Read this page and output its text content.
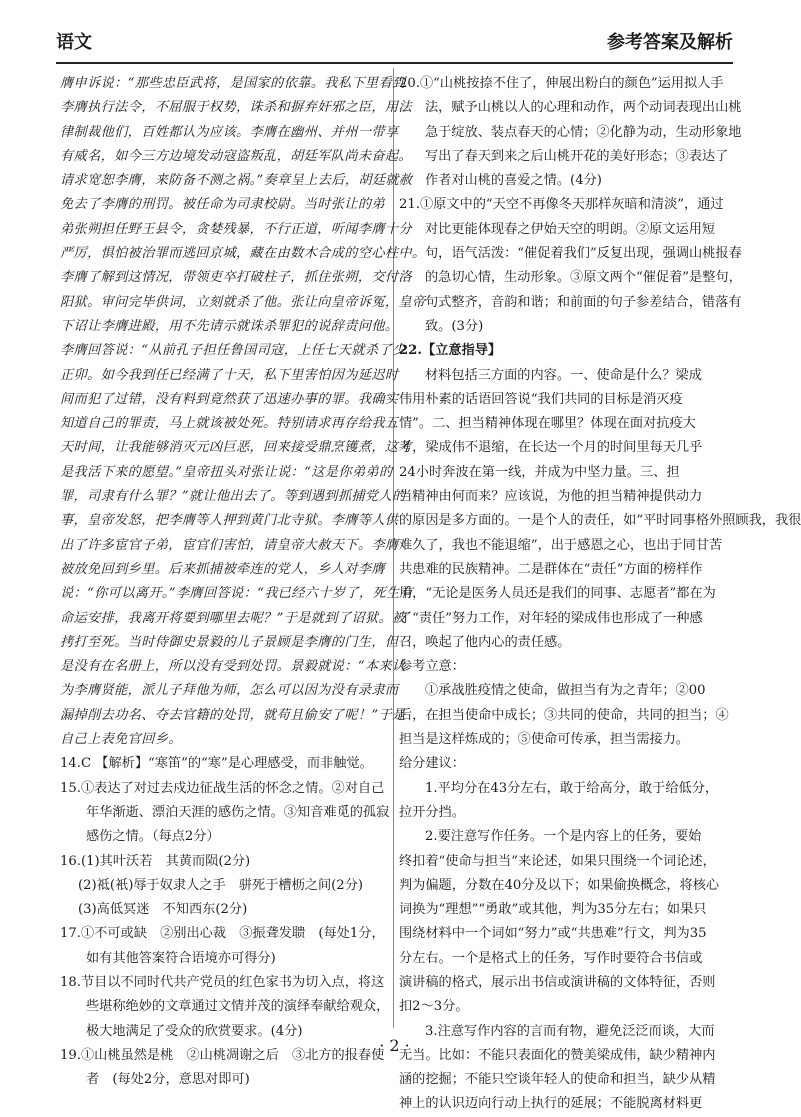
语文	参考答案及解析
膺申诉说：“那些忠臣武将，是国家的依靠。我私下里看到
李膺执行法令，不屈服于权势，诛杀和摒弃奸邪之臣，用法
律制裁他们，百姓都认为应该。李膺在幽州、并州一带享
有威名，如今三方边境发动寇盗叛乱，胡廷军队尚未奋起。
请求宽恕李膺，来防备不测之祸。”奏章呈上去后，胡廷就赦
免去了李膺的刑罚。被任命为司隶校尉。当时张让的弟
弟张朔担任野王县令，贪婪残暴，不行正道，听闻李膺十分
严厉，惧怕被治罪而逃回京城，藏在由数木合成的空心柱中。
李膺了解到这情况，带领吏卒打破柱子，抓住张朔，交付洛
阳狱。审问完毕供词，立刻就杀了他。张让向皇帝诉冤，皇帝
下诏让李膺进殿，用不先请示就诛杀罪犯的说辞责问他。
李膺回答说：“从前孔子担任鲁国司寇，上任七天就杀了少
正卯。如今我到任已经满了十天，私下里害怕因为延迟时
间而犯了过错，没有料到竟然获了迅速办事的罪。我确实
知道自己的罪责，马上就该被处死。特别请求再存给我五
天时间，让我能够消灭元凶巨恶，回来接受鼎烹镬煮，这才
是我活下来的愿望。”皇帝扭头对张让说：“这是你弟弟的
罪，司隶有什么罪？”就让他出去了。等到遇到抓捕党人的
事，皇帝发怒，把李膺等人押到黄门北寺狱。李膺等人供
出了许多宦官子弟，宦官们害怕，请皇帝大赦天下。李膺
被放免回到乡里。后来抓捕被牵连的党人，乡人对李膺
说：“你可以离开。”李膺回答说：“我已经六十岁了，死生有
命运安排，我离开将要到哪里去呢？”于是就到了诏狱。被
拷打至死。当时侍御史景毅的儿子景顾是李膺的门生，但
是没有在名册上，所以没有受到处罚。景毅就说：“本来认
为李膺贤能，派儿子拜他为师，怎么可以因为没有录隶而
漏掉削去功名、夺去官籍的处罚，就苟且偷安了呢！”于是
自己上表免官回乡。
14.C 【解析】“寒笛”的“寒”是心理感受，而非触觉。
15.①表达了对过去戍边征战生活的怀念之情。②对自己
年华渐逝、漂泊天涯的感伤之情。③知音难觅的孤寂
感伤之情。（每点2分）
16.(1)其叶沃若　其黄而陨(2分)
(2)祗(衹)辱于奴隶人之手　骈死于槽枥之间(2分)
(3)高低冥迷　不知西东(2分)
17.①不可或缺　②别出心裁　③振聋发聩　(每处1分，
如有其他答案符合语境亦可得分)
18.节目以不同时代共产党员的红色家书为切入点，将这
些堪称绝妙的文章通过文情并茂的演绎奉献给观众，
极大地满足了受众的欣赏要求。(4分)
19.①山桃虽然是桃　②山桃凋谢之后　③北方的报春使
者　(每处2分，意思对即可)
20.①“山桃按捺不住了，伸展出粉白的颜色”运用拟人手
法，赋予山桃以人的心理和动作，两个动词表现出山桃
急于绽放、装点春天的心情；②化静为动，生动形象地
写出了春天到来之后山桃开花的美好形态；③表达了
作者对山桃的喜爱之情。(4分)
21.①原文中的“天空不再像冬天那样灰暗和清淡”，通过
对比更能体现春之伊始天空的明朗。②原文运用短
句，语气活泼：“催促着我们”反复出现，强调山桃报春
的急切心情，生动形象。③原文两个“催促着”是整句，
句式整齐，音韵和谐；和前面的句子参差结合，错落有
致。(3分)
22.【立意指导】
材料包括三方面的内容。一、使命是什么？梁成
伟用朴素的话语回答说“我们共同的目标是消灭疫
情”。二、担当精神体现在哪里？体现在面对抗疫大
考，梁成伟不退缩，在长达一个月的时间里每天几乎
24小时奔波在第一线，并成为中坚力量。三、担
当精神由何而来？应该说，为他的担当精神提供动力
的原因是多方面的。一是个人的责任，如“平时同事格外照顾我，我很
难久了，我也不能退缩”，出于感恩之心，也出于同甘苦
共患难的民族精神。二是群体在“责任”方面的榜样作
用，“无论是医务人员还是我们的同事、志愿者”都在为
了“责任”努力工作，对年轻的梁成伟也形成了一种感
召，唤起了他内心的责任感。
参考立意：
①承战胜疫情之使命，做担当有为之青年；②00
后，在担当使命中成长；③共同的使命，共同的担当；④
担当是这样炼成的；⑤使命可传承，担当需接力。
给分建议：
1.平均分在43分左右，敢于给高分，敢于给低分，
拉开分挡。
2.要注意写作任务。一个是内容上的任务，要始
终扣着“使命与担当”来论述，如果只围绕一个词论述，
判为偏题，分数在40分及以下；如果偷换概念，将核心
词换为“理想”“勇敢”或其他，判为35分左右；如果只
围绕材料中一个词如“努力”或“共患难”行文，判为35
分左右。一个是格式上的任务，写作时要符合书信或
演讲稿的格式，展示出书信或演讲稿的文体特征，否则
扣2～3分。
3.注意写作内容的言而有物，避免泛泛而谈，大而
无当。比如：不能只表面化的赞美梁成伟，缺少精神内
涵的挖掘；不能只空谈年轻人的使命和担当，缺少从精
神上的认识迈向行动上执行的延展；不能脱离材料更
· 2 ·
